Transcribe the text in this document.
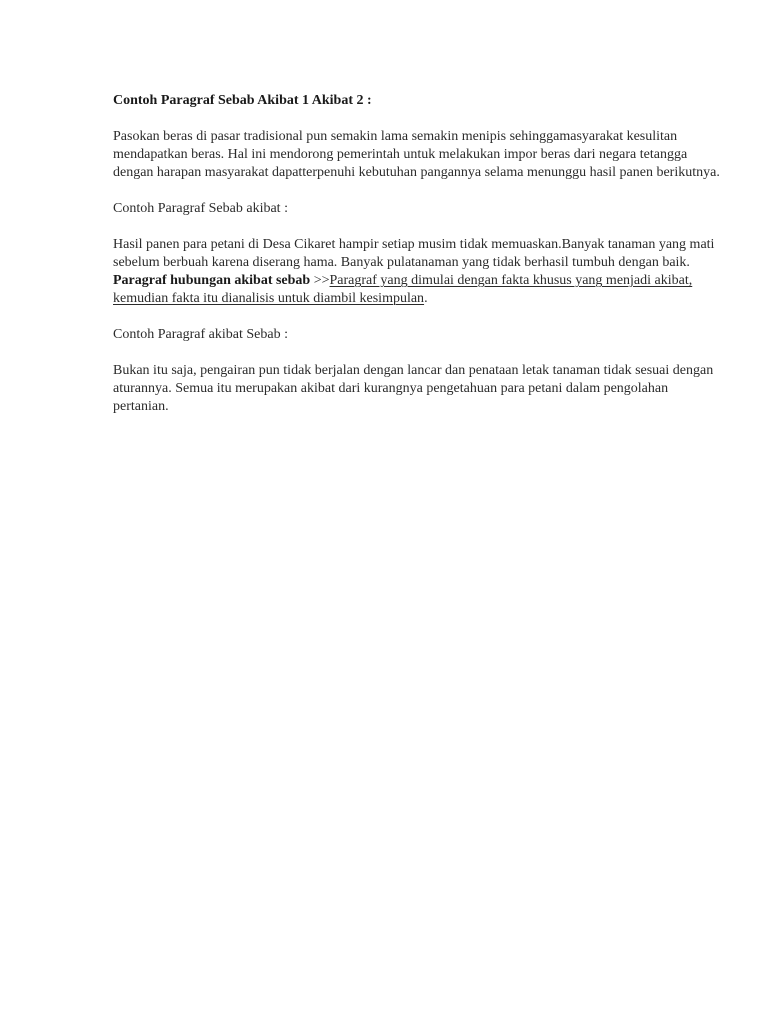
Contoh Paragraf Sebab Akibat 1 Akibat 2 :
Pasokan beras di pasar tradisional pun semakin lama semakin menipis sehinggamasyarakat kesulitan
mendapatkan beras. Hal ini mendorong pemerintah untuk melakukan impor beras dari negara tetangga
dengan harapan masyarakat dapatterpenuhi kebutuhan pangannya selama menunggu hasil panen berikutnya.
Contoh Paragraf Sebab akibat :
Hasil panen para petani di Desa Cikaret hampir setiap musim tidak memuaskan.Banyak tanaman yang mati
sebelum berbuah karena diserang hama. Banyak pulatanaman yang tidak berhasil tumbuh dengan baik.
Paragraf hubungan akibat sebab >>Paragraf yang dimulai dengan fakta khusus yang menjadi akibat,
kemudian fakta itu dianalisis untuk diambil kesimpulan.
Contoh Paragraf akibat Sebab :
Bukan itu saja, pengairan pun tidak berjalan dengan lancar dan penataan letak tanaman tidak sesuai dengan
aturannya. Semua itu merupakan akibat dari kurangnya pengetahuan para petani dalam pengolahan
pertanian.
